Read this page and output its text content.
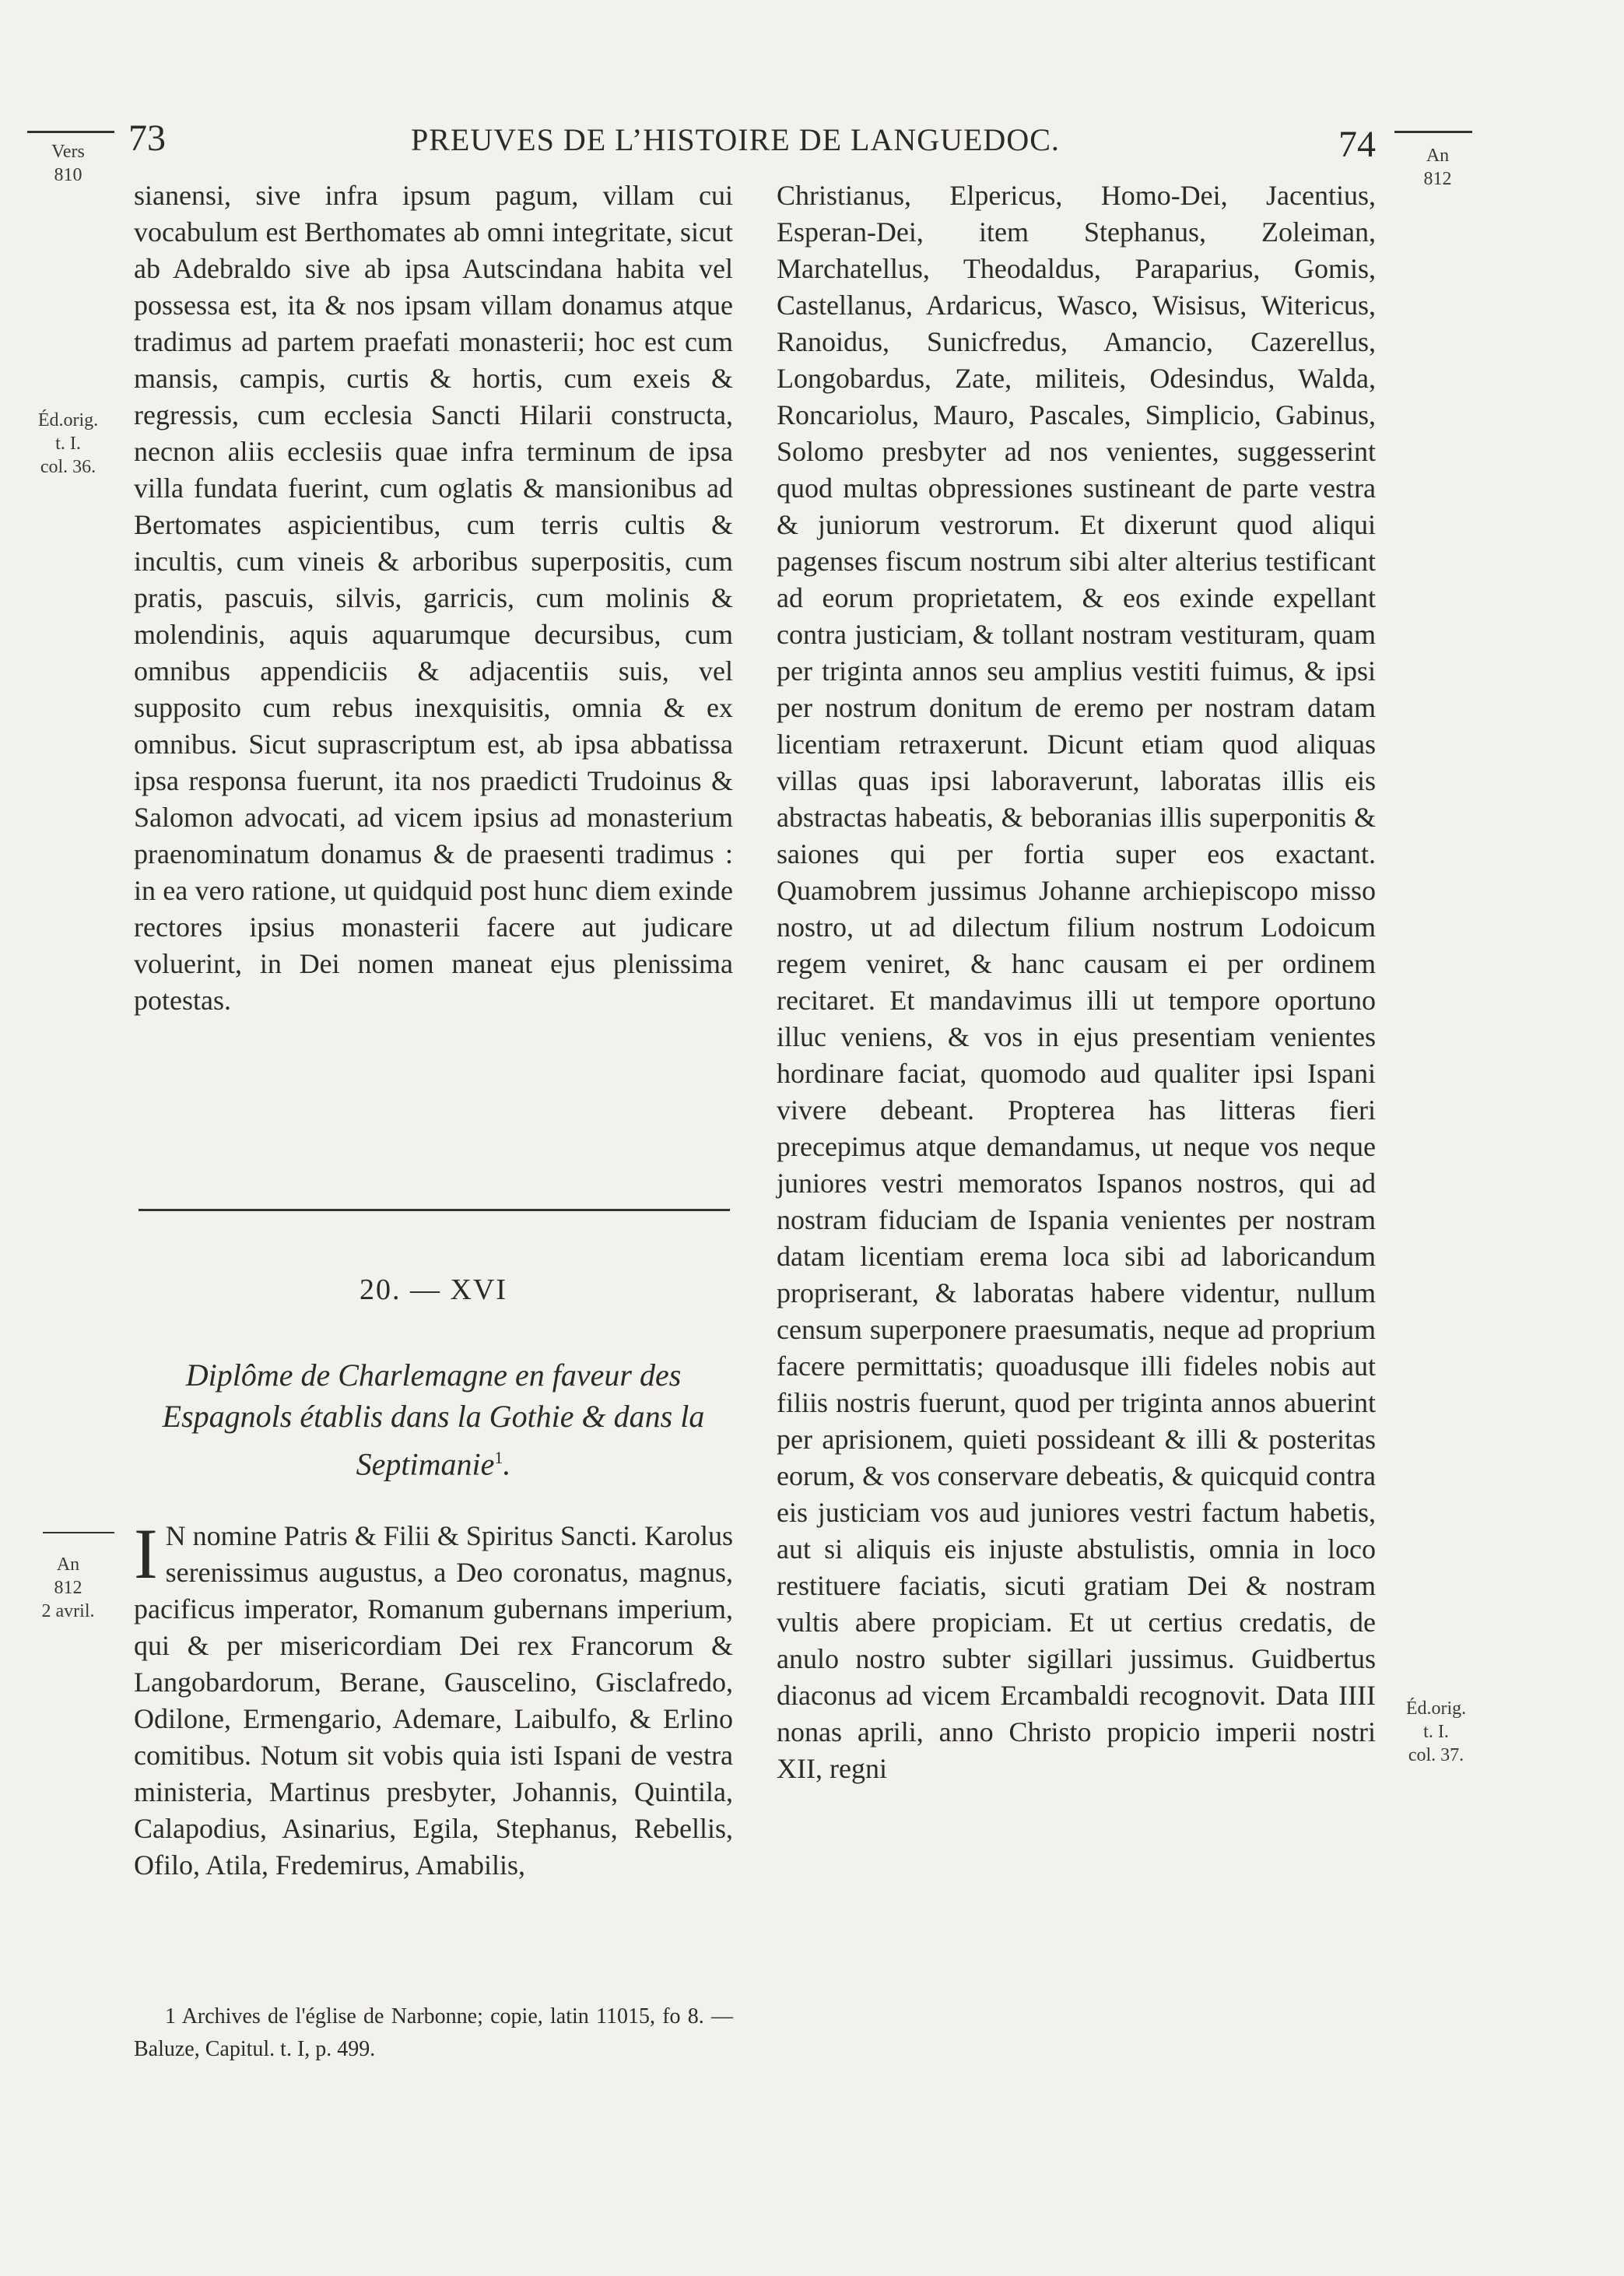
73	PREUVES DE L’HISTOIRE DE LANGUEDOC.	74
Vers
810
Éd.orig.
t. I.
col. 36.
An
812
2 avril.
An
812
Éd.orig.
t. I.
col. 37.

sianensi, sive infra ipsum pagum, villam cui vocabulum est Berthomates ab omni integritate, sicut ab Adebraldo sive ab ipsa Autscindana habita vel possessa est, ita & nos ipsam villam donamus atque tradimus ad partem praefati monasterii; hoc est cum mansis, campis, curtis & hortis, cum exeis & regressis, cum ecclesia Sancti Hilarii constructa, necnon aliis ecclesiis quae infra terminum de ipsa villa fundata fuerint, cum oglatis & mansionibus ad Bertomates aspicientibus, cum terris cultis & incultis, cum vineis & arboribus superpositis, cum pratis, pascuis, silvis, garricis, cum molinis & molendinis, aquis aquarumque decursibus, cum omnibus appendiciis & adjacentiis suis, vel supposito cum rebus inexquisitis, omnia & ex omnibus. Sicut suprascriptum est, ab ipsa abbatissa ipsa responsa fuerunt, ita nos praedicti Trudoinus & Salomon advocati, ad vicem ipsius ad monasterium praenominatum donamus & de praesenti tradimus : in ea vero ratione, ut quidquid post hunc diem exinde rectores ipsius monasterii facere aut judicare voluerint, in Dei nomen maneat ejus plenissima potestas.

20. — XVI
Diplôme de Charlemagne en faveur des Espagnols établis dans la Gothie & dans la Septimanie$^1$.
I N nomine Patris & Filii & Spiritus Sancti. Karolus serenissimus augustus, a Deo coronatus, magnus, pacificus imperator, Romanum gubernans imperium, qui & per misericordiam Dei rex Francorum & Langobardorum, Berane, Gauscelino, Gisclafredo, Odilone, Ermengario, Ademare, Laibulfo, & Erlino comitibus. Notum sit vobis quia isti Ispani de vestra ministeria, Martinus presbyter, Johannis, Quintila, Calapodius, Asinarius, Egila, Stephanus, Rebellis, Ofilo, Atila, Fredemirus, Amabilis,
1 Archives de l'église de Narbonne; copie, latin 11015, fo 8. — Baluze, Capitul. t. I, p. 499.

Christianus, Elpericus, Homo-Dei, Jacentius, Esperan-Dei, item Stephanus, Zoleiman, Marchatellus, Theodaldus, Paraparius, Gomis, Castellanus, Ardaricus, Wasco, Wisisus, Witericus, Ranoidus, Sunicfredus, Amancio, Cazerellus, Longobardus, Zate, militeis, Odesindus, Walda, Roncariolus, Mauro, Pascales, Simplicio, Gabinus, Solomo presbyter ad nos venientes, suggesserint quod multas obpressiones sustineant de parte vestra & juniorum vestrorum. Et dixerunt quod aliqui pagenses fiscum nostrum sibi alter alterius testificant ad eorum proprietatem, & eos exinde expellant contra justiciam, & tollant nostram vestituram, quam per triginta annos seu amplius vestiti fuimus, & ipsi per nostrum donitum de eremo per nostram datam licentiam retraxerunt. Dicunt etiam quod aliquas villas quas ipsi laboraverunt, laboratas illis eis abstractas habeatis, & beboranias illis superponitis & saiones qui per fortia super eos exactant. Quamobrem jussimus Johanne archiepiscopo misso nostro, ut ad dilectum filium nostrum Lodoicum regem veniret, & hanc causam ei per ordinem recitaret. Et mandavimus illi ut tempore oportuno illuc veniens, & vos in ejus presentiam venientes hordinare faciat, quomodo aud qualiter ipsi Ispani vivere debeant. Propterea has litteras fieri precepimus atque demandamus, ut neque vos neque juniores vestri memoratos Ispanos nostros, qui ad nostram fiduciam de Ispania venientes per nostram datam licentiam erema loca sibi ad laboricandum propriserant, & laboratas habere videntur, nullum censum superponere praesumatis, neque ad proprium facere permittatis; quoadusque illi fideles nobis aut filiis nostris fuerunt, quod per triginta annos abuerint per aprisionem, quieti possideant & illi & posteritas eorum, & vos conservare debeatis, & quicquid contra eis justiciam vos aud juniores vestri factum habetis, aut si aliquis eis injuste abstulistis, omnia in loco restituere faciatis, sicuti gratiam Dei & nostram vultis abere propiciam. Et ut certius credatis, de anulo nostro subter sigillari jussimus. Guidbertus diaconus ad vicem Ercambaldi recognovit. Data IIII nonas aprili, anno Christo propicio imperii nostri XII, regni
